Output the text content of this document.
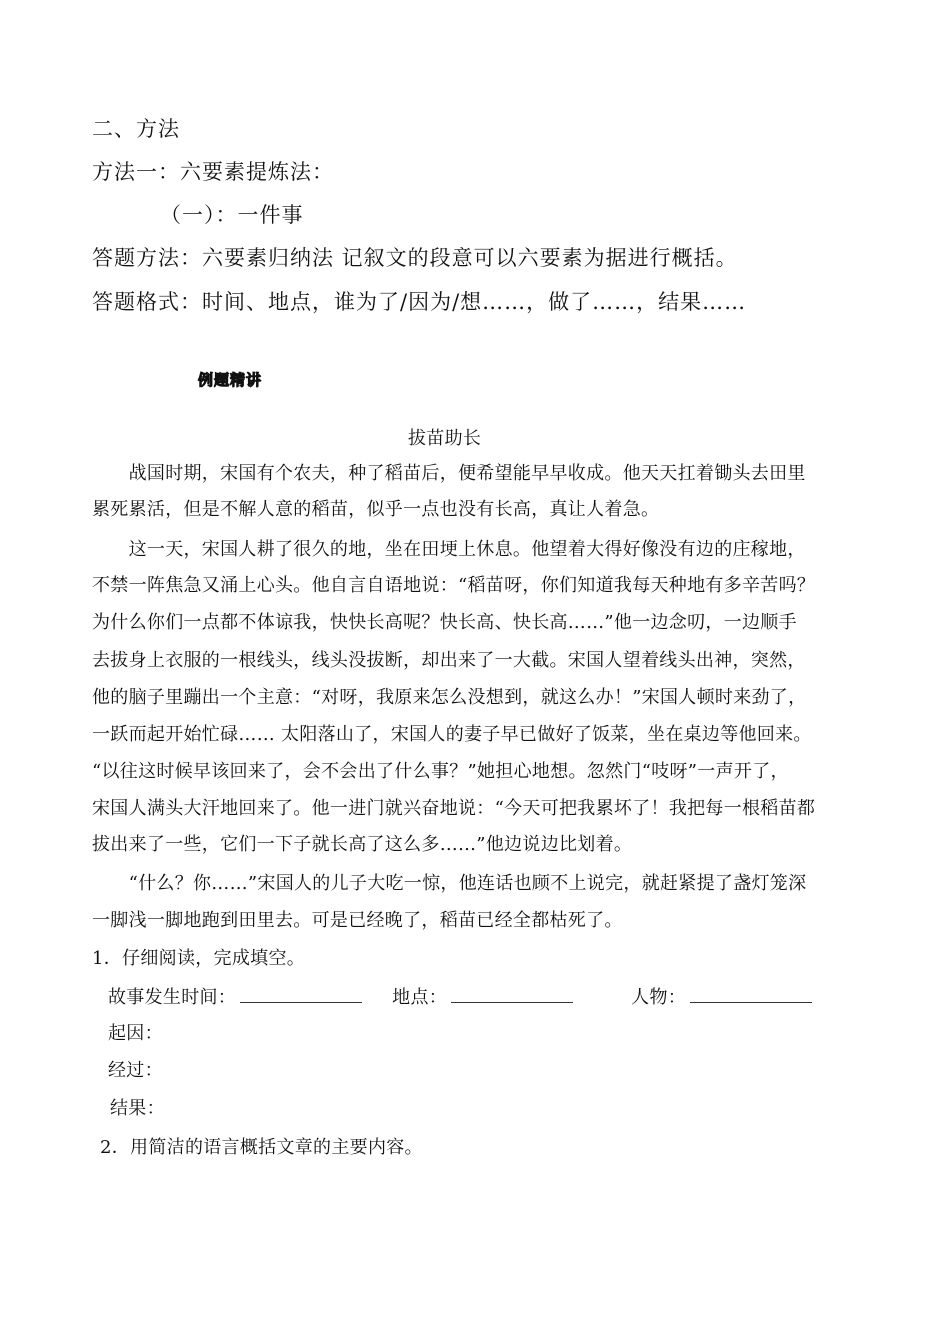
二、方法
方法一：六要素提炼法：
（一）：一件事
答题方法：六要素归纳法 记叙文的段意可以六要素为据进行概括。
答题格式：时间、地点，谁为了/因为/想……，做了……，结果……
例题精讲
拔苗助长
　　战国时期，宋国有个农夫，种了稻苗后，便希望能早早收成。他天天扛着锄头去田里
累死累活，但是不解人意的稻苗，似乎一点也没有长高，真让人着急。
　　这一天，宋国人耕了很久的地，坐在田埂上休息。他望着大得好像没有边的庄稼地，
不禁一阵焦急又涌上心头。他自言自语地说：“稻苗呀，你们知道我每天种地有多辛苦吗？
为什么你们一点都不体谅我，快快长高呢？快长高、快长高……”他一边念叨，一边顺手
去拔身上衣服的一根线头，线头没拔断，却出来了一大截。宋国人望着线头出神，突然，
他的脑子里蹦出一个主意：“对呀，我原来怎么没想到，就这么办！”宋国人顿时来劲了，
一跃而起开始忙碌…… 太阳落山了，宋国人的妻子早已做好了饭菜，坐在桌边等他回来。
“以往这时候早该回来了，会不会出了什么事？”她担心地想。忽然门“吱呀”一声开了，
宋国人满头大汗地回来了。他一进门就兴奋地说：“今天可把我累坏了！我把每一根稻苗都
拔出来了一些，它们一下子就长高了这么多……”他边说边比划着。
　　“什么？你……”宋国人的儿子大吃一惊，他连话也顾不上说完，就赶紧提了盏灯笼深
一脚浅一脚地跑到田里去。可是已经晚了，稻苗已经全都枯死了。
1．仔细阅读，完成填空。
故事发生时间：	地点：	人物：
起因：
经过：
结果：
2．用简洁的语言概括文章的主要内容。
